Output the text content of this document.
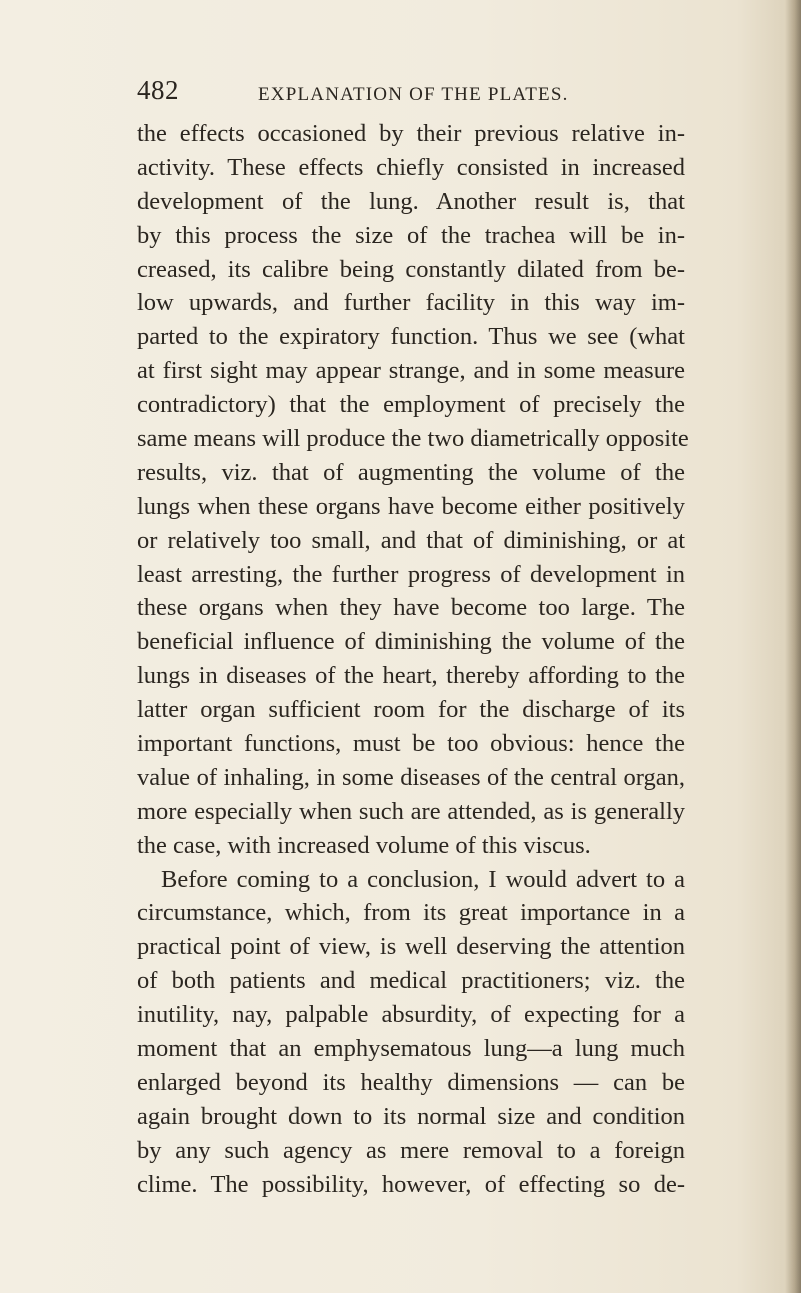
482	EXPLANATION OF THE PLATES.
the effects occasioned by their previous relative in-
activity. These effects chiefly consisted in increased
development of the lung. Another result is, that
by this process the size of the trachea will be in-
creased, its calibre being constantly dilated from be-
low upwards, and further facility in this way im-
parted to the expiratory function. Thus we see (what
at first sight may appear strange, and in some measure
contradictory) that the employment of precisely the
same means will produce the two diametrically opposite
results, viz. that of augmenting the volume of the
lungs when these organs have become either positively
or relatively too small, and that of diminishing, or at
least arresting, the further progress of development in
these organs when they have become too large. The
beneficial influence of diminishing the volume of the
lungs in diseases of the heart, thereby affording to the
latter organ sufficient room for the discharge of its
important functions, must be too obvious: hence the
value of inhaling, in some diseases of the central organ,
more especially when such are attended, as is generally
the case, with increased volume of this viscus.
Before coming to a conclusion, I would advert to a
circumstance, which, from its great importance in a
practical point of view, is well deserving the attention
of both patients and medical practitioners; viz. the
inutility, nay, palpable absurdity, of expecting for a
moment that an emphysematous lung—a lung much
enlarged beyond its healthy dimensions — can be
again brought down to its normal size and condition
by any such agency as mere removal to a foreign
clime. The possibility, however, of effecting so de-
